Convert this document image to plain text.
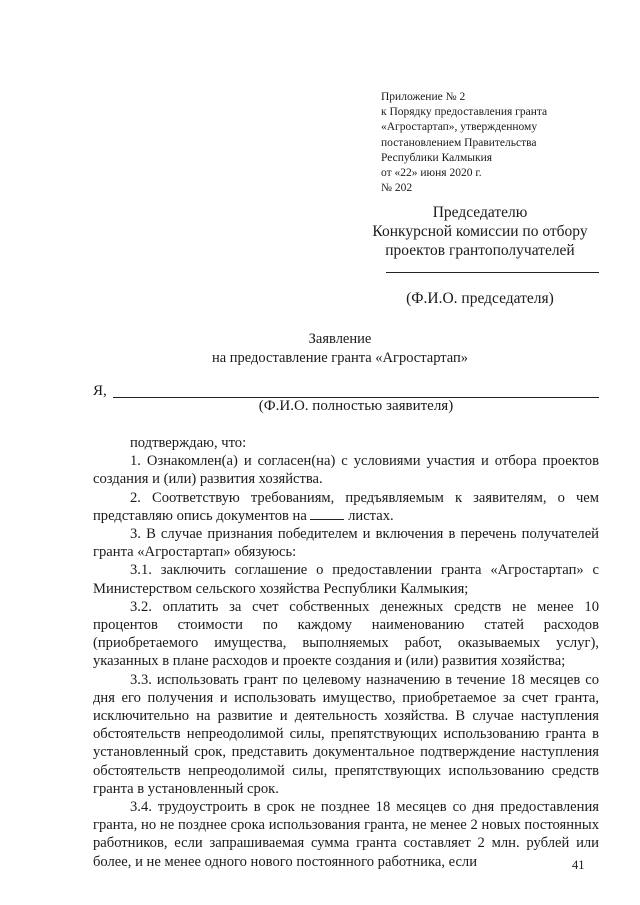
Приложение № 2
к Порядку предоставления гранта
«Агростартап», утвержденному
постановлением Правительства
Республики Калмыкия
от «22» июня 2020 г.
№ 202
Председателю
Конкурсной комиссии по отбору
проектов грантополучателей
(Ф.И.О. председателя)
Заявление
на предоставление гранта «Агростартап»
Я,
(Ф.И.О. полностью заявителя)

подтверждаю, что:

1. Ознакомлен(а) и согласен(на) с условиями участия и отбора проектов создания и (или) развития хозяйства.

2. Соответствую требованиям, предъявляемым к заявителям, о чем представляю опись документов на  листах.

3. В случае признания победителем и включения в перечень получателей гранта «Агростартап» обязуюсь:

3.1. заключить соглашение о предоставлении гранта «Агростартап» с Министерством сельского хозяйства Республики Калмыкия;

3.2. оплатить за счет собственных денежных средств не менее 10 процентов стоимости по каждому наименованию статей расходов (приобретаемого имущества, выполняемых работ, оказываемых услуг), указанных в плане расходов и проекте создания и (или) развития хозяйства;

3.3. использовать грант по целевому назначению в течение 18 месяцев со дня его получения и использовать имущество, приобретаемое за счет гранта, исключительно на развитие и деятельность хозяйства. В случае наступления обстоятельств непреодолимой силы, препятствующих использованию гранта в установленный срок, представить документальное подтверждение наступления обстоятельств непреодолимой силы, препятствующих использованию средств гранта в установленный срок.

3.4. трудоустроить в срок не позднее 18 месяцев со дня предоставления гранта, но не позднее срока использования гранта, не менее 2 новых постоянных работников, если запрашиваемая сумма гранта составляет 2 млн. рублей или более, и не менее одного нового постоянного работника, если	41
